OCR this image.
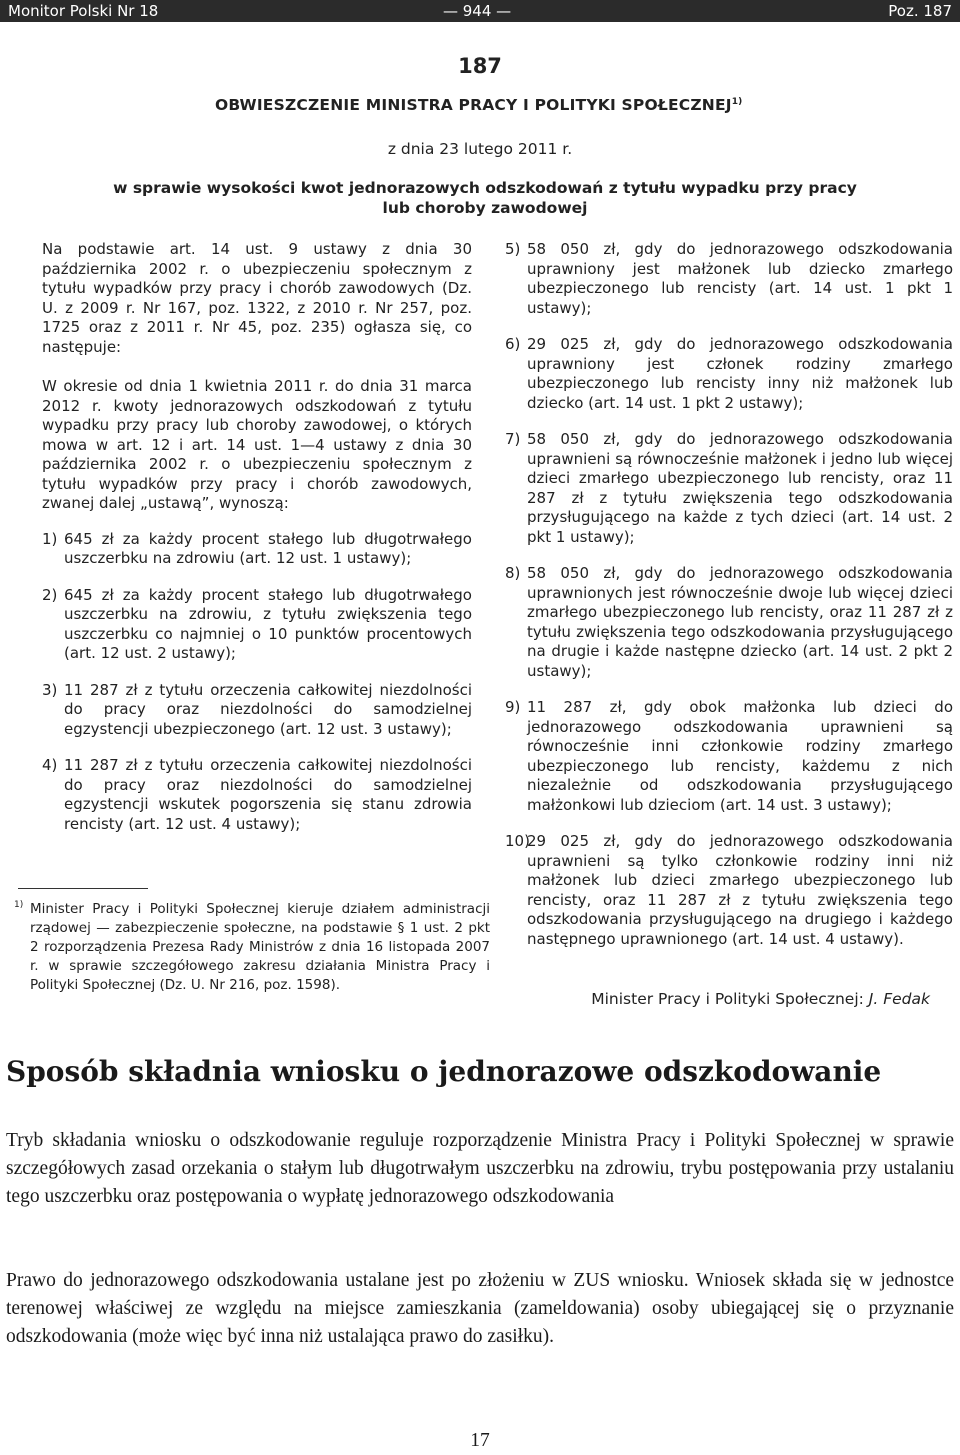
Monitor Polski Nr 18	— 944 —	Poz. 187
187
OBWIESZCZENIE MINISTRA PRACY I POLITYKI SPOŁECZNEJ$^{1)}$
z dnia 23 lutego 2011 r.
w sprawie wysokości kwot jednorazowych odszkodowań z tytułu wypadku przy pracy lub choroby zawodowej

Na podstawie art. 14 ust. 9 ustawy z dnia 30 października 2002 r. o ubezpieczeniu społecznym z tytułu wypadków przy pracy i chorób zawodowych (Dz. U. z 2009 r. Nr 167, poz. 1322, z 2010 r. Nr 257, poz. 1725 oraz z 2011 r. Nr 45, poz. 235) ogłasza się, co następuje:

W okresie od dnia 1 kwietnia 2011 r. do dnia 31 marca 2012 r. kwoty jednorazowych odszkodowań z tytułu wypadku przy pracy lub choroby zawodowej, o których mowa w art. 12 i art. 14 ust. 1—4 ustawy z dnia 30 października 2002 r. o ubezpieczeniu społecznym z tytułu wypadków przy pracy i chorób zawodowych, zwanej dalej „ustawą”, wynoszą:

1) 645 zł za każdy procent stałego lub długotrwałego uszczerbku na zdrowiu (art. 12 ust. 1 ustawy);

2) 645 zł za każdy procent stałego lub długotrwałego uszczerbku na zdrowiu, z tytułu zwiększenia tego uszczerbku co najmniej o 10 punktów procentowych (art. 12 ust. 2 ustawy);

3) 11 287 zł z tytułu orzeczenia całkowitej niezdolności do pracy oraz niezdolności do samodzielnej egzystencji ubezpieczonego (art. 12 ust. 3 ustawy);

4) 11 287 zł z tytułu orzeczenia całkowitej niezdolności do pracy oraz niezdolności do samodzielnej egzystencji wskutek pogorszenia się stanu zdrowia rencisty (art. 12 ust. 4 ustawy);

5) 58 050 zł, gdy do jednorazowego odszkodowania uprawniony jest małżonek lub dziecko zmarłego ubezpieczonego lub rencisty (art. 14 ust. 1 pkt 1 ustawy);

6) 29 025 zł, gdy do jednorazowego odszkodowania uprawniony jest członek rodziny zmarłego ubezpieczonego lub rencisty inny niż małżonek lub dziecko (art. 14 ust. 1 pkt 2 ustawy);

7) 58 050 zł, gdy do jednorazowego odszkodowania uprawnieni są równocześnie małżonek i jedno lub więcej dzieci zmarłego ubezpieczonego lub rencisty, oraz 11 287 zł z tytułu zwiększenia tego odszkodowania przysługującego na każde z tych dzieci (art. 14 ust. 2 pkt 1 ustawy);

8) 58 050 zł, gdy do jednorazowego odszkodowania uprawnionych jest równocześnie dwoje lub więcej dzieci zmarłego ubezpieczonego lub rencisty, oraz 11 287 zł z tytułu zwiększenia tego odszkodowania przysługującego na drugie i każde następne dziecko (art. 14 ust. 2 pkt 2 ustawy);

9) 11 287 zł, gdy obok małżonka lub dzieci do jednorazowego odszkodowania uprawnieni są równocześnie inni członkowie rodziny zmarłego ubezpieczonego lub rencisty, każdemu z nich niezależnie od odszkodowania przysługującego małżonkowi lub dzieciom (art. 14 ust. 3 ustawy);

10)
29 025 zł, gdy do jednorazowego odszkodowania uprawnieni są tylko członkowie rodziny inni niż małżonek lub dzieci zmarłego ubezpieczonego lub rencisty, oraz 11 287 zł z tytułu zwiększenia tego odszkodowania przysługującego na drugiego i każdego następnego uprawnionego (art. 14 ust. 4 ustawy).

1) Minister Pracy i Polityki Społecznej kieruje działem administracji rządowej — zabezpieczenie społeczne, na podstawie § 1 ust. 2 pkt 2 rozporządzenia Prezesa Rady Ministrów z dnia 16 listopada 2007 r. w sprawie szczegółowego zakresu działania Ministra Pracy i Polityki Społecznej (Dz. U. Nr 216, poz. 1598).
Minister Pracy i Polityki Społecznej: J. Fedak
Sposób składnia wniosku o jednorazowe odszkodowanie

Tryb składania wniosku o odszkodowanie reguluje rozporządzenie Ministra Pracy i Polityki Społecznej w sprawie szczegółowych zasad orzekania o stałym lub długotrwałym uszczerbku na zdrowiu, trybu postępowania przy ustalaniu tego uszczerbku oraz postępowania o wypłatę jednorazowego odszkodowania

Prawo do jednorazowego odszkodowania ustalane jest po złożeniu w ZUS wniosku. Wniosek składa się w jednostce terenowej właściwej ze względu na miejsce zamieszkania (zameldowania) osoby ubiegającej się o przyznanie odszkodowania (może więc być inna niż ustalająca prawo do zasiłku).

17
